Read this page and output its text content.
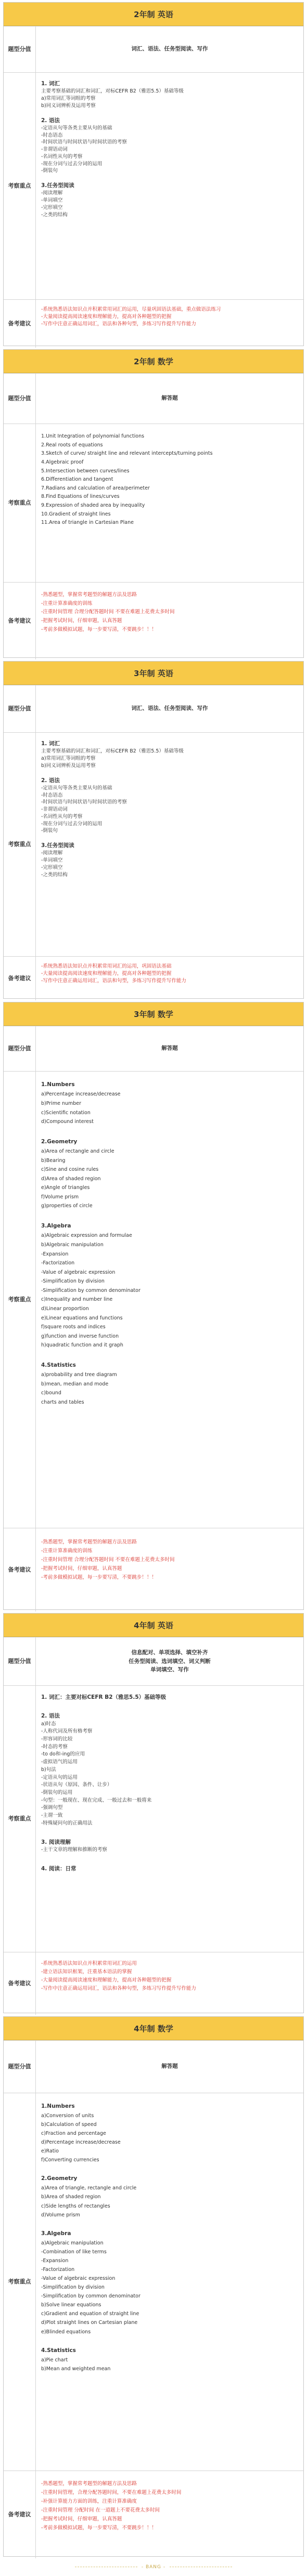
2年制 英语
题型分值	词汇、语法、任务型阅读、写作
考察重点
1. 词汇
主要考察基础的词汇和词汇，对标CEFR B2（雅思5.5）基础等级
a)常用词汇等词组的考察
b)同义词辨析及运用考察
2. 语法
-定语从句等各类主要从句的基础
-时态语态
-时间状语与时间状语与时间状语的考察
-非谓语动词
-名词性从句的考察
-现在分词与过去分词的运用
-倒装句
3.任务型阅读
-阅读理解
-单词填空
-完形填空
-之类的结构
备考建议
-系统熟悉语法知识点并积累常用词汇的运用，尽量巩固语法基础，重点做语法练习
-大量阅读提高阅读速度和理解能力，提高对各种题型的把握
-写作中注意正确运用词汇，语法和各种句型，多练习写作提升写作能力
2年制 数学
题型分值	解答题
考察重点
1.Unit Integration of polynomial functions
2.Real roots of equations
3.Sketch of curve/ straight line and relevant intercepts/turning points
4.Algebraic proof
5.Intersection between curves/lines
6.Differentiation and tangent
7.Radians and calculation of area/perimeter
8.Find Equations of lines/curves
9.Expression of shaded area by inequality
10.Gradient of straight lines
11.Area of triangle in Cartesian Plane
备考建议
-熟悉题型，掌握常考题型的解题方法及思路
-注重计算准确度的训练
-注重时间管理 合理分配答题时间 不要在难题上花费太多时间
-把握考试时间，仔细审题，认真答题
-考前多做模拟试题，每一步要写清，不要跳步！！！
3年制 英语
题型分值	词汇、语法、任务型阅读、写作
考察重点
1. 词汇
主要考察基础的词汇和词汇，对标CEFR B2（雅思5.5）基础等级
a)常用词汇等词组的考察
b)同义词辨析及运用考察
2. 语法
-定语从句等各类主要从句的基础
-时态语态
-时间状语与时间状语与时间状语的考察
-非谓语动词
-名词性从句的考察
-现在分词与过去分词的运用
-倒装句
3.任务型阅读
-阅读理解
-单词填空
-完形填空
-之类的结构
备考建议
-系统熟悉语法知识点并积累常用词汇的运用，巩固语法基础
-大量阅读提高阅读速度和理解能力，提高对各种题型的把握
-写作中注意正确运用词汇，语法和句型，多练习写作提升写作能力
3年制 数学
题型分值	解答题
考察重点
1.Numbers
a)Percentage increase/decrease
b)Prime number
c)Scientific notation
d)Compound interest
2.Geometry
a)Area of rectangle and circle
b)Bearing
c)Sine and cosine rules
d)Area of shaded region
e)Angle of triangles
f)Volume prism
g)properties of circle
3.Algebra
a)Algebraic expression and formulae
b)Algebraic manipulation
-Expansion
-Factorization
-Value of algebraic expression
-Simplification by division
-Simplification by common denominator
c)Inequality and number line
d)Linear proportion
e)Linear equations and functions
f)square roots and indices
g)function and inverse function
h)quadratic function and it graph
4.Statistics
a)probability and tree diagram
b)mean, median and mode
c)bound
charts and tables
备考建议
-熟悉题型，掌握常考题型的解题方法及思路
-注重计算准确度的训练
-注重时间管理 合理分配答题时间 不要在难题上花费太多时间
-把握考试时间，仔细审题，认真答题
-考前多做模拟试题，每一步要写清，不要跳步！！！
4年制 英语
题型分值
信息配对、单项选择、填空补齐
任务型阅读、选词填空、词义判断
单词填空、写作
考察重点
1. 词汇：主要对标CEFR B2（雅思5.5）基础等级
2. 语法
a)时态
-人称代词及所有格考察
-形容词的比较
-时态的考察
-to do和-ing的应用
-虚拟语气的运用
b)句法
-定语从句的运用
-状语从句（原因、条件、让步）
-倒装句的运用
-句型：一般现在、现在完成、一般过去和一般将来
-强调句型
-主谓一致
-特殊疑问句的正确用法
3. 阅读理解
-主干文章的理解和推断的考察
4. 阅读：日常
备考建议
-系统熟悉语法知识点并积累常用词汇的运用
-建立语法知识框架，注重基本语法的掌握
-大量阅读提高阅读速度和理解能力，提高对各种题型的把握
-写作中注意正确运用词汇，语法和各种句型，多练习写作提升写作能力
4年制 数学
题型分值	解答题
考察重点
1.Numbers
a)Conversion of units
b)Calculation of speed
c)Fraction and percentage
d)Percentage increase/decrease
e)Ratio
f)Converting currencies
2.Geometry
a)Area of triangle, rectangle and circle
b)Area of shaded region
c)Side lengths of rectangles
d)Volume prism
3.Algebra
a)Algebraic manipulation
-Combination of like terms
-Expansion
-Factorization
-Value of algebraic expression
-Simplification by division
-Simplification by common denominator
b)Solve linear equations
c)Gradient and equation of straight line
d)Plot straight lines on Cartesian plane
e)Blinded equations
4.Statistics
a)Pie chart
b)Mean and weighted mean
备考建议
-熟悉题型，掌握常考题型的解题方法及思路
-注重时间管理，合理分配答题时间，不要在难题上花费太多时间
-补强计算能力方面的训练，注重计算准确度
-注重时间管理 分配时间 在一道题上不要花费太多时间
-把握考试时间，仔细审题，认真答题
-考前多做模拟试题，每一步要写清，不要跳步！！！
- BANG -
